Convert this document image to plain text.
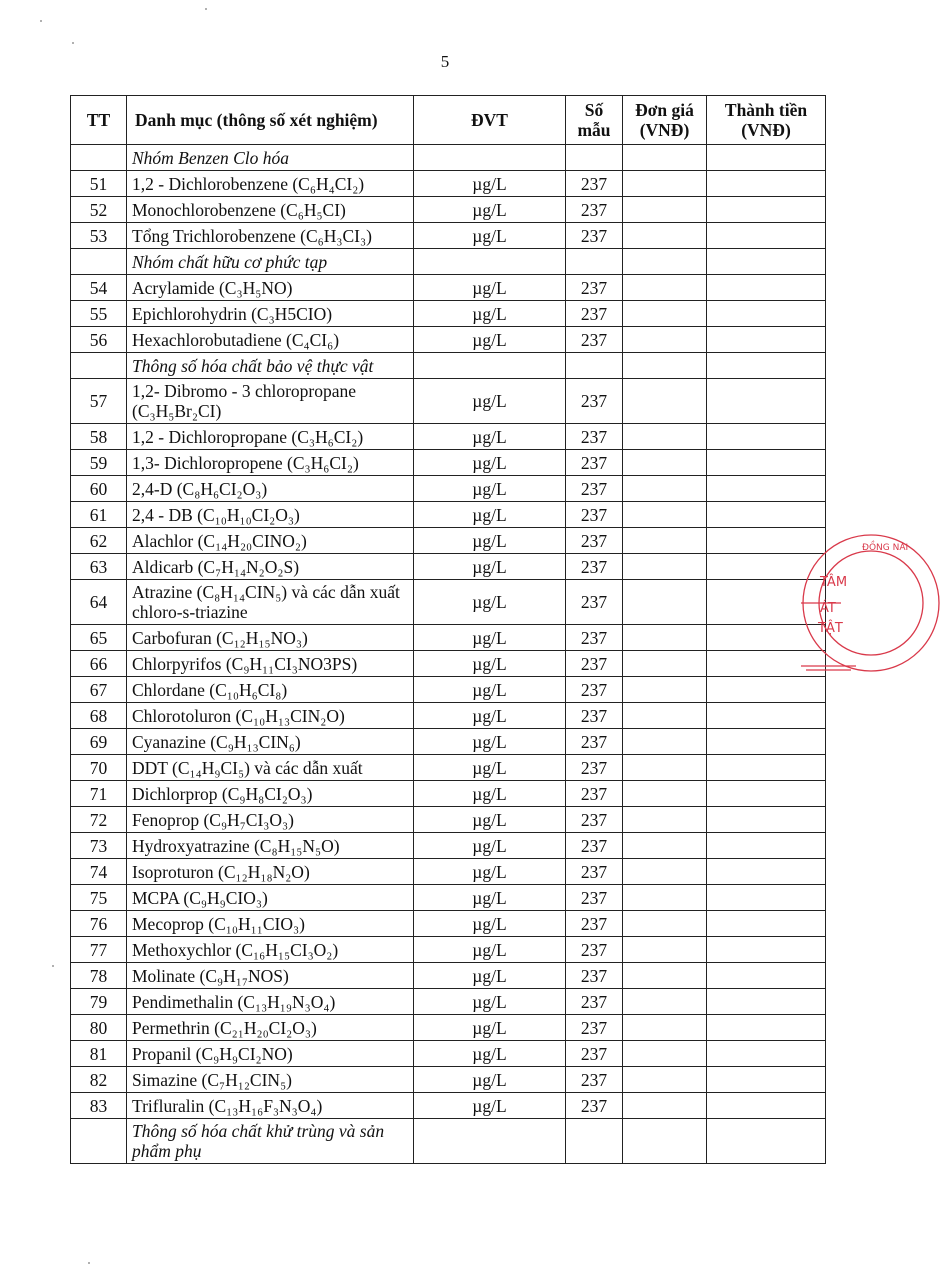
5
TT	Danh mục (thông số xét nghiệm)	ĐVT	Số mẫu	Đơn giá (VNĐ)	Thành tiền (VNĐ)
	Nhóm Benzen Clo hóa				
51	1,2 - Dichlorobenzene (C₆H₄CI₂)	µg/L	237		
52	Monochlorobenzene (C₆H₅CI)	µg/L	237		
53	Tổng Trichlorobenzene (C₆H₃CI₃)	µg/L	237		
	Nhóm chất hữu cơ phức tạp				
54	Acrylamide (C₃H₅NO)	µg/L	237		
55	Epichlorohydrin (C₃H5CIO)	µg/L	237		
56	Hexachlorobutadiene (C₄CI₆)	µg/L	237		
	Thông số hóa chất bảo vệ thực vật				
57	1,2- Dibromo - 3 chloropropane (C₃H₅Br₂CI)	µg/L	237		
58	1,2 - Dichloropropane (C₃H₆CI₂)	µg/L	237		
59	1,3- Dichloropropene (C₃H₆CI₂)	µg/L	237		
60	2,4-D (C₈H₆CI₂O₃)	µg/L	237		
61	2,4 - DB (C₁₀H₁₀CI₂O₃)	µg/L	237		
62	Alachlor (C₁₄H₂₀CINO₂)	µg/L	237		
63	Aldicarb (C₇H₁₄N₂O₂S)	µg/L	237		
64	Atrazine (C₈H₁₄CIN₅) và các dẫn xuất chloro-s-triazine	µg/L	237		
65	Carbofuran (C₁₂H₁₅NO₃)	µg/L	237		
66	Chlorpyrifos (C₉H₁₁CI₃NO3PS)	µg/L	237		
67	Chlordane (C₁₀H₆CI₈)	µg/L	237		
68	Chlorotoluron (C₁₀H₁₃CIN₂O)	µg/L	237		
69	Cyanazine (C₉H₁₃CIN₆)	µg/L	237		
70	DDT (C₁₄H₉CI₅) và các dẫn xuất	µg/L	237		
71	Dichlorprop (C₉H₈CI₂O₃)	µg/L	237		
72	Fenoprop (C₉H₇CI₃O₃)	µg/L	237		
73	Hydroxyatrazine (C₈H₁₅N₅O)	µg/L	237		
74	Isoproturon (C₁₂H₁₈N₂O)	µg/L	237		
75	MCPA (C₉H₉CIO₃)	µg/L	237		
76	Mecoprop (C₁₀H₁₁CIO₃)	µg/L	237		
77	Methoxychlor (C₁₆H₁₅CI₃O₂)	µg/L	237		
78	Molinate (C₉H₁₇NOS)	µg/L	237		
79	Pendimethalin (C₁₃H₁₉N₃O₄)	µg/L	237		
80	Permethrin (C₂₁H₂₀CI₂O₃)	µg/L	237		
81	Propanil (C₉H₉CI₂NO)	µg/L	237		
82	Simazine (C₇H₁₂CIN₅)	µg/L	237		
83	Trifluralin (C₁₃H₁₆F₃N₃O₄)	µg/L	237		
	Thông số hóa chất khử trùng và sản phẩm phụ				
ĐỒNG NAI
TÂM
ÁT
TẬT
